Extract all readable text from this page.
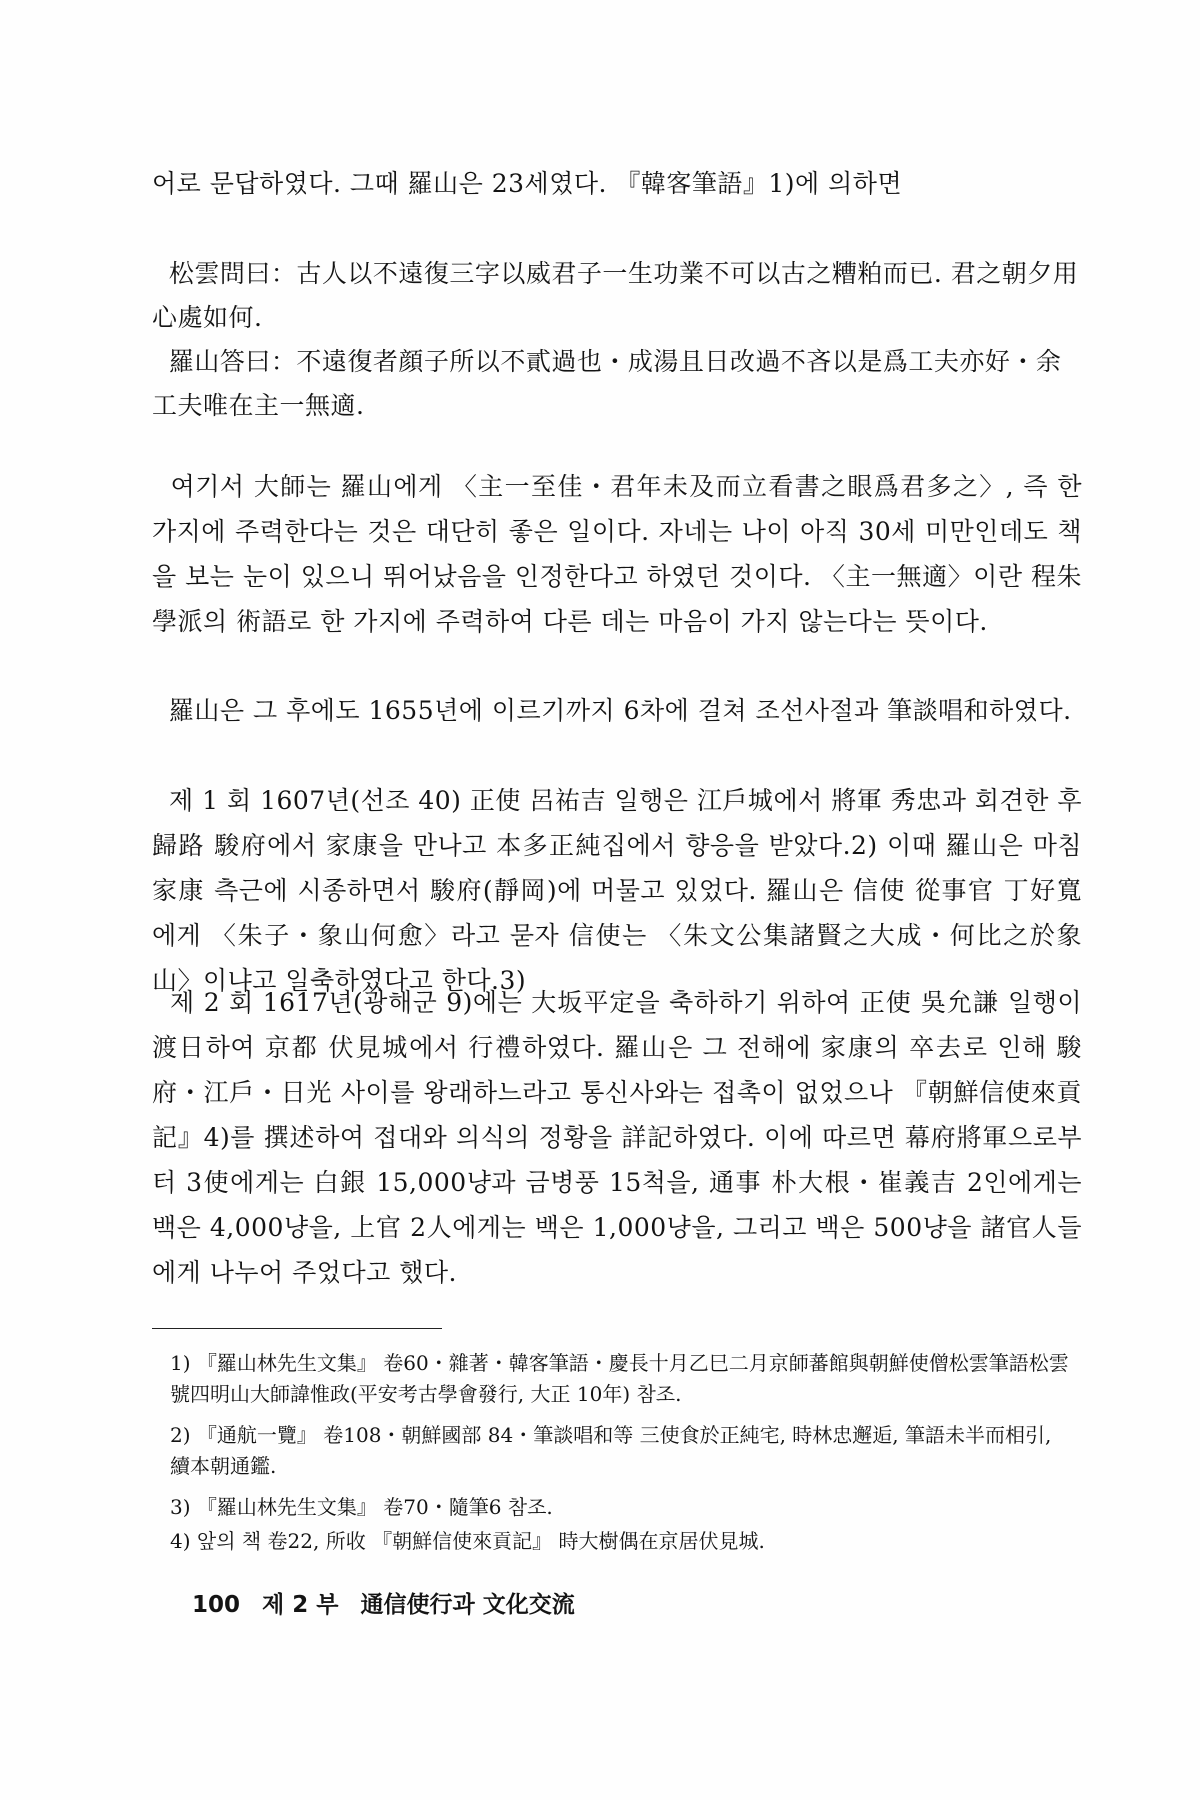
어로 문답하였다. 그때 羅山은 23세였다. 『韓客筆語』1)에 의하면

松雲問曰：古人以不遠復三字以威君子一生功業不可以古之糟粕而已. 君之朝夕用心處如何.

羅山答曰：不遠復者顔子所以不貳過也・成湯且日改過不吝以是爲工夫亦好・余工夫唯在主一無適.

여기서 大師는 羅山에게 〈主一至佳・君年未及而立看書之眼爲君多之〉, 즉 한 가지에 주력한다는 것은 대단히 좋은 일이다. 자네는 나이 아직 30세 미만인데도 책을 보는 눈이 있으니 뛰어났음을 인정한다고 하였던 것이다. 〈主一無適〉이란 程朱學派의 術語로 한 가지에 주력하여 다른 데는 마음이 가지 않는다는 뜻이다.

羅山은 그 후에도 1655년에 이르기까지 6차에 걸쳐 조선사절과 筆談唱和하였다.

제 1 회 1607년(선조 40) 正使 呂祐吉 일행은 江戶城에서 將軍 秀忠과 회견한 후 歸路 駿府에서 家康을 만나고 本多正純집에서 향응을 받았다.2) 이때 羅山은 마침 家康 측근에 시종하면서 駿府(靜岡)에 머물고 있었다. 羅山은 信使 從事官 丁好寬에게 〈朱子・象山何愈〉라고 묻자 信使는 〈朱文公集諸賢之大成・何比之於象山〉이냐고 일축하였다고 한다.3)

제 2 회 1617년(광해군 9)에는 大坂平定을 축하하기 위하여 正使 吳允謙 일행이 渡日하여 京都 伏見城에서 行禮하였다. 羅山은 그 전해에 家康의 卒去로 인해 駿府・江戶・日光 사이를 왕래하느라고 통신사와는 접촉이 없었으나 『朝鮮信使來貢記』4)를 撰述하여 접대와 의식의 정황을 詳記하였다. 이에 따르면 幕府將軍으로부터 3使에게는 白銀 15,000냥과 금병풍 15척을, 通事 朴大根・崔義吉 2인에게는 백은 4,000냥을, 上官 2人에게는 백은 1,000냥을, 그리고 백은 500냥을 諸官人들에게 나누어 주었다고 했다.

1) 『羅山林先生文集』 卷60・雜著・韓客筆語・慶長十月乙巳二月京師蕃館與朝鮮使僧松雲筆語松雲號四明山大師諱惟政(平安考古學會發行, 大正 10年) 참조.

2) 『通航一覽』 卷108・朝鮮國部 84・筆談唱和等 三使食於正純宅, 時林忠邂逅, 筆語未半而相引, 續本朝通鑑.

3) 『羅山林先生文集』 卷70・隨筆6 참조.

4) 앞의 책 卷22, 所收 『朝鮮信使來貢記』 時大樹偶在京居伏見城.

100 제 2 부 通信使行과 文化交流
